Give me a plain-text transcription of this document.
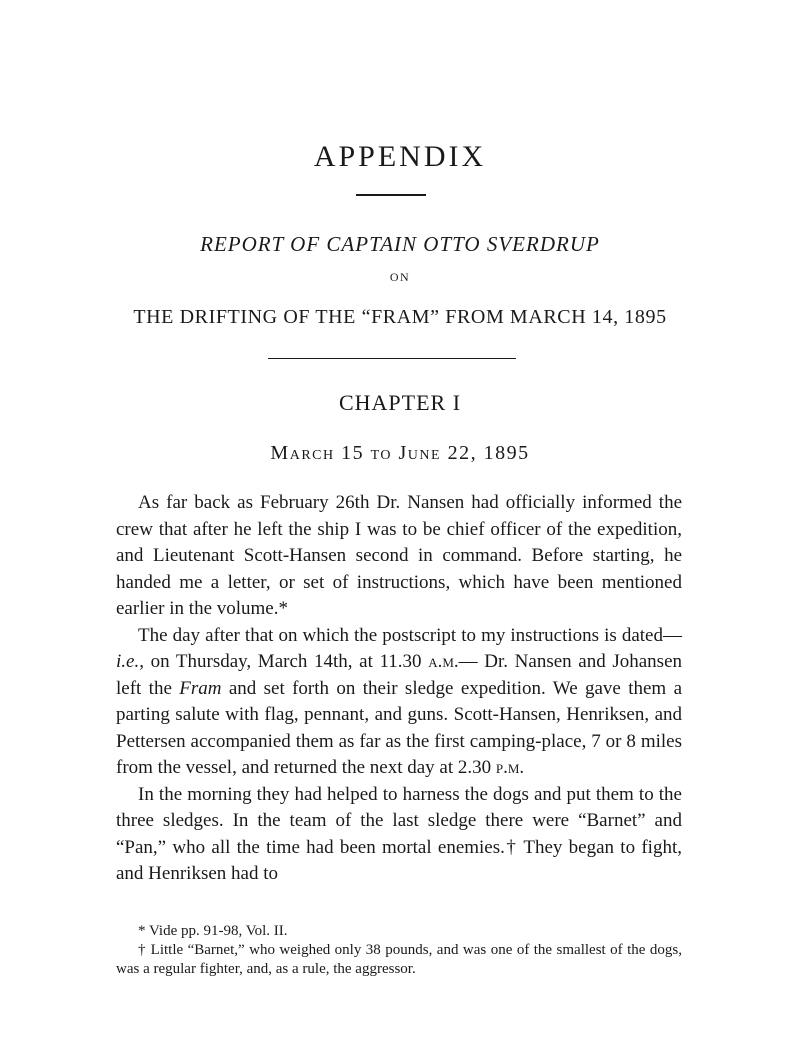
APPENDIX
REPORT OF CAPTAIN OTTO SVERDRUP
ON
THE DRIFTING OF THE “FRAM” FROM MARCH 14, 1895
CHAPTER I
March 15 to June 22, 1895

As far back as February 26th Dr. Nansen had officially informed the crew that after he left the ship I was to be chief officer of the expedition, and Lieutenant Scott-Hansen second in command. Before starting, he handed me a letter, or set of instructions, which have been mentioned earlier in the volume.*

The day after that on which the postscript to my instructions is dated—i.e., on Thursday, March 14th, at 11.30 a.m.— Dr. Nansen and Johansen left the Fram and set forth on their sledge expedition. We gave them a parting salute with flag, pennant, and guns. Scott-Hansen, Henriksen, and Pettersen accompanied them as far as the first camping-place, 7 or 8 miles from the vessel, and returned the next day at 2.30 p.m.

In the morning they had helped to harness the dogs and put them to the three sledges. In the team of the last sledge there were “Barnet” and “Pan,” who all the time had been mortal enemies.† They began to fight, and Henriksen had to

* Vide pp. 91-98, Vol. II.

† Little “Barnet,” who weighed only 38 pounds, and was one of the smallest of the dogs, was a regular fighter, and, as a rule, the aggressor.
